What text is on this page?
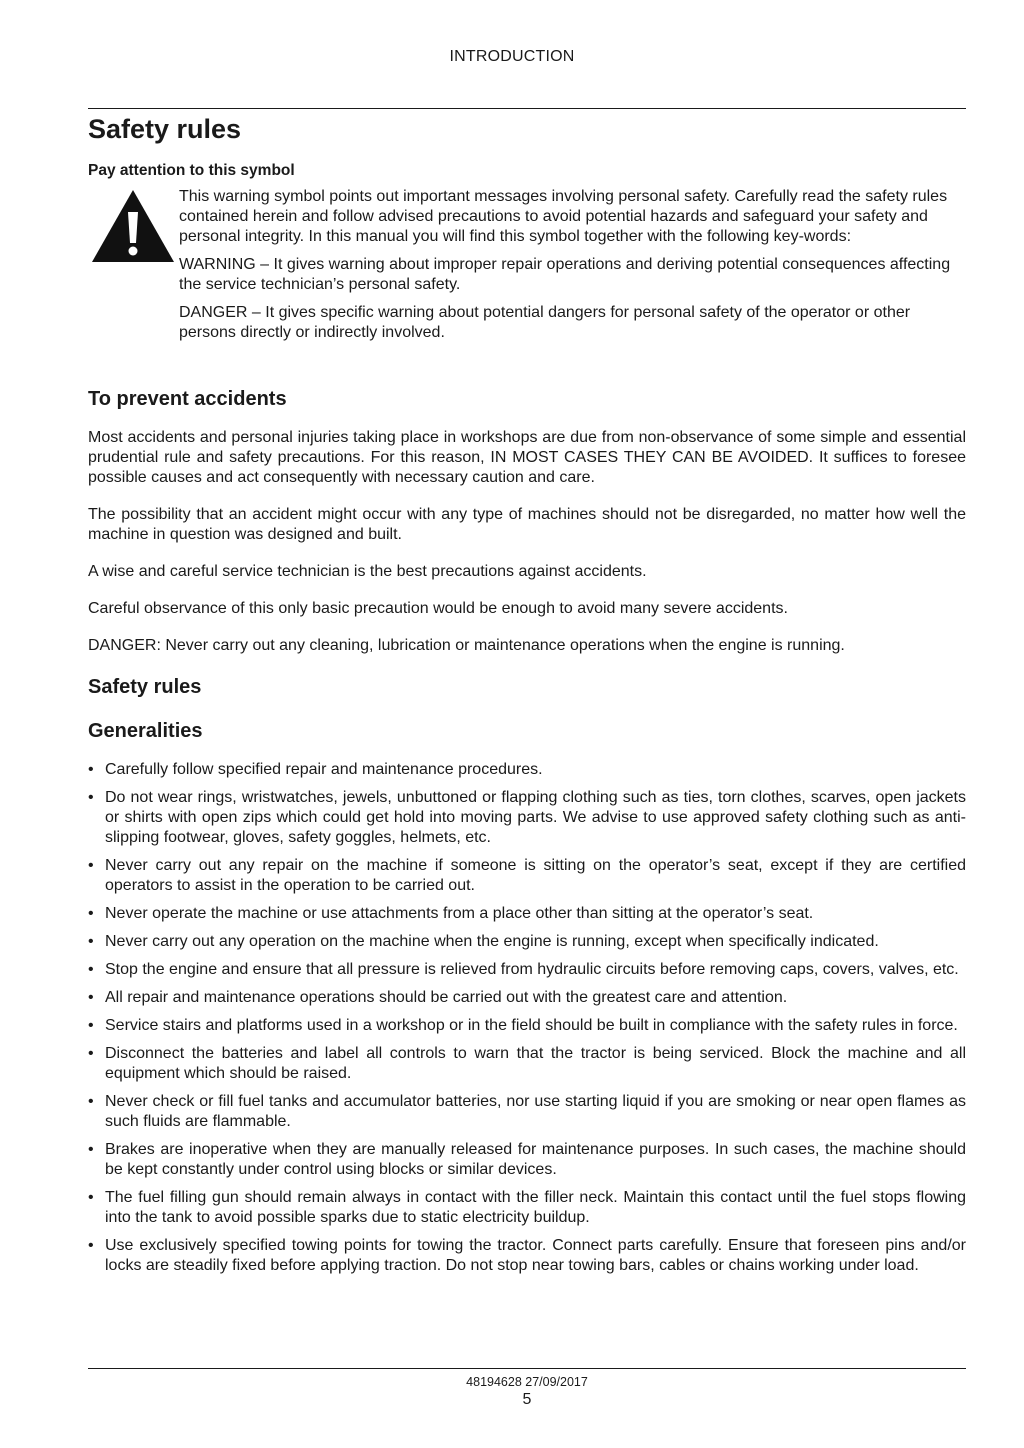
INTRODUCTION
Safety rules
Pay attention to this symbol

This warning symbol points out important messages involving personal safety. Carefully read the safety rules contained herein and follow advised precautions to avoid potential hazards and safeguard your safety and personal integrity. In this manual you will find this symbol together with the following key-words:

WARNING – It gives warning about improper repair operations and deriving potential consequences affecting the service technician’s personal safety.

DANGER – It gives specific warning about potential dangers for personal safety of the operator or other persons directly or indirectly involved.

To prevent accidents

Most accidents and personal injuries taking place in workshops are due from non-observance of some simple and essential prudential rule and safety precautions. For this reason, IN MOST CASES THEY CAN BE AVOIDED. It suffices to foresee possible causes and act consequently with necessary caution and care.

The possibility that an accident might occur with any type of machines should not be disregarded, no matter how well the machine in question was designed and built.

A wise and careful service technician is the best precautions against accidents.

Careful observance of this only basic precaution would be enough to avoid many severe accidents.

DANGER: Never carry out any cleaning, lubrication or maintenance operations when the engine is running.

Safety rules
Generalities
• Carefully follow specified repair and maintenance procedures.
• Do not wear rings, wristwatches, jewels, unbuttoned or flapping clothing such as ties, torn clothes, scarves, open jackets or shirts with open zips which could get hold into moving parts. We advise to use approved safety clothing such as anti-slipping footwear, gloves, safety goggles, helmets, etc.
• Never carry out any repair on the machine if someone is sitting on the operator’s seat, except if they are certified operators to assist in the operation to be carried out.
• Never operate the machine or use attachments from a place other than sitting at the operator’s seat.
• Never carry out any operation on the machine when the engine is running, except when specifically indicated.
• Stop the engine and ensure that all pressure is relieved from hydraulic circuits before removing caps, covers, valves, etc.
• All repair and maintenance operations should be carried out with the greatest care and attention.
• Service stairs and platforms used in a workshop or in the field should be built in compliance with the safety rules in force.
• Disconnect the batteries and label all controls to warn that the tractor is being serviced. Block the machine and all equipment which should be raised.
• Never check or fill fuel tanks and accumulator batteries, nor use starting liquid if you are smoking or near open flames as such fluids are flammable.
• Brakes are inoperative when they are manually released for maintenance purposes. In such cases, the machine should be kept constantly under control using blocks or similar devices.
• The fuel filling gun should remain always in contact with the filler neck. Maintain this contact until the fuel stops flowing into the tank to avoid possible sparks due to static electricity buildup.
• Use exclusively specified towing points for towing the tractor. Connect parts carefully. Ensure that foreseen pins and/or locks are steadily fixed before applying traction. Do not stop near towing bars, cables or chains working under load.
48194628 27/09/2017
5
